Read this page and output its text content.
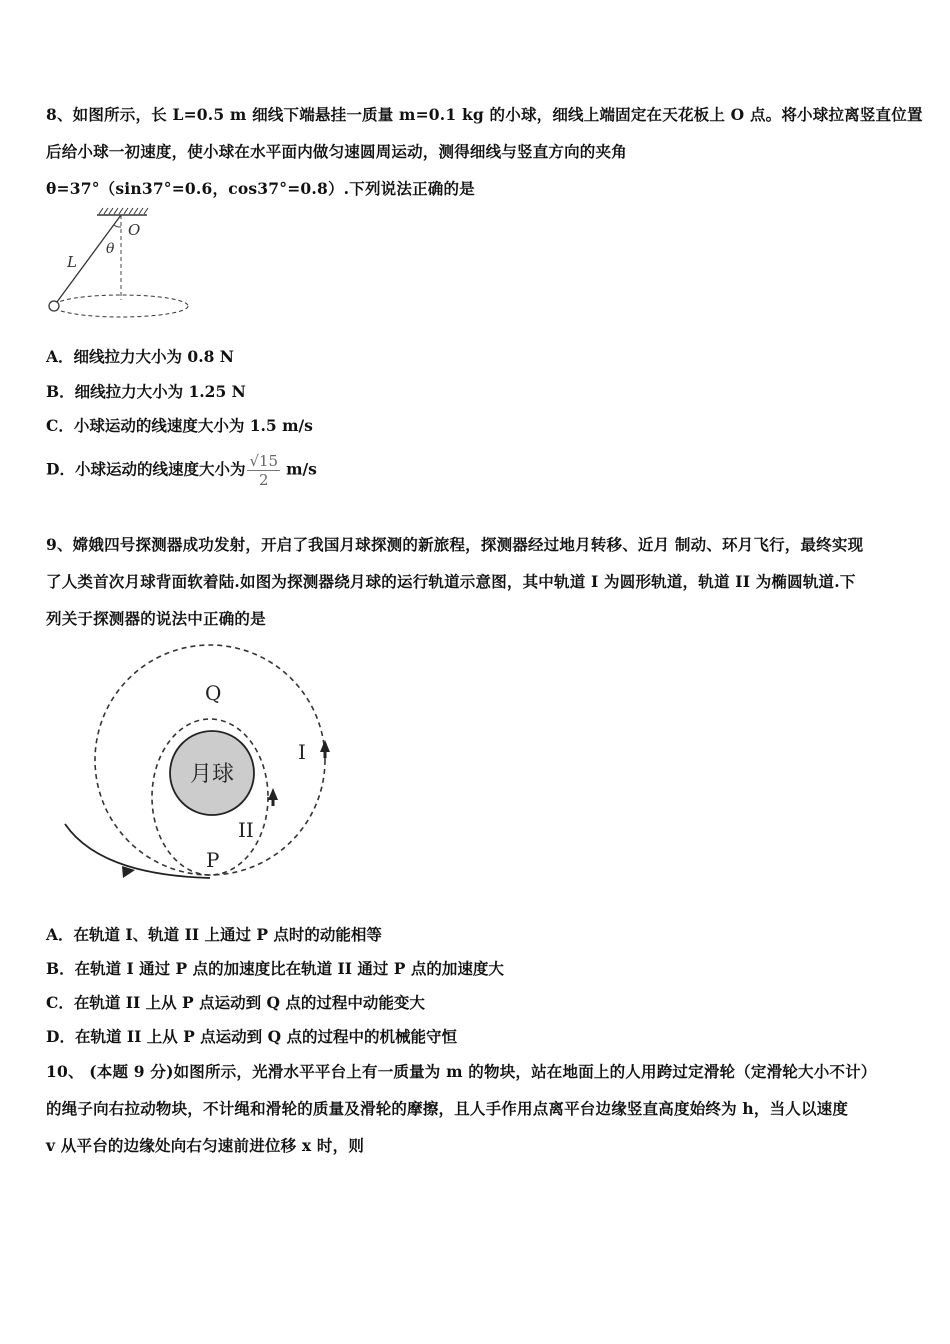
8、如图所示，长 L=0.5 m 细线下端悬挂一质量 m=0.1 kg 的小球，细线上端固定在天花板上 O 点。将小球拉离竖直位置
后给小球一初速度，使小球在水平面内做匀速圆周运动，测得细线与竖直方向的夹角
θ=37°（sin37°=0.6，cos37°=0.8）.下列说法正确的是
O
θ
L
A．细线拉力大小为 0.8 N
B．细线拉力大小为 1.25 N
C．小球运动的线速度大小为 1.5 m/s
D．小球运动的线速度大小为 $\frac{√15}{2} m/s$
9、嫦娥四号探测器成功发射，开启了我国月球探测的新旅程，探测器经过地月转移、近月 制动、环月飞行，最终实现
了人类首次月球背面软着陆.如图为探测器绕月球的运行轨道示意图，其中轨道 I 为圆形轨道，轨道 II 为椭圆轨道.下
列关于探测器的说法中正确的是
月球
Q
I
II
P
A．在轨道 I、轨道 II 上通过 P 点时的动能相等
B．在轨道 I 通过 P 点的加速度比在轨道 II 通过 P 点的加速度大
C．在轨道 II 上从 P 点运动到 Q 点的过程中动能变大
D．在轨道 II 上从 P 点运动到 Q 点的过程中的机械能守恒
10、 (本题 9 分)如图所示，光滑水平平台上有一质量为 m 的物块，站在地面上的人用跨过定滑轮（定滑轮大小不计）
的绳子向右拉动物块，不计绳和滑轮的质量及滑轮的摩擦，且人手作用点离平台边缘竖直高度始终为 h，当人以速度
v 从平台的边缘处向右匀速前进位移 x 时，则
